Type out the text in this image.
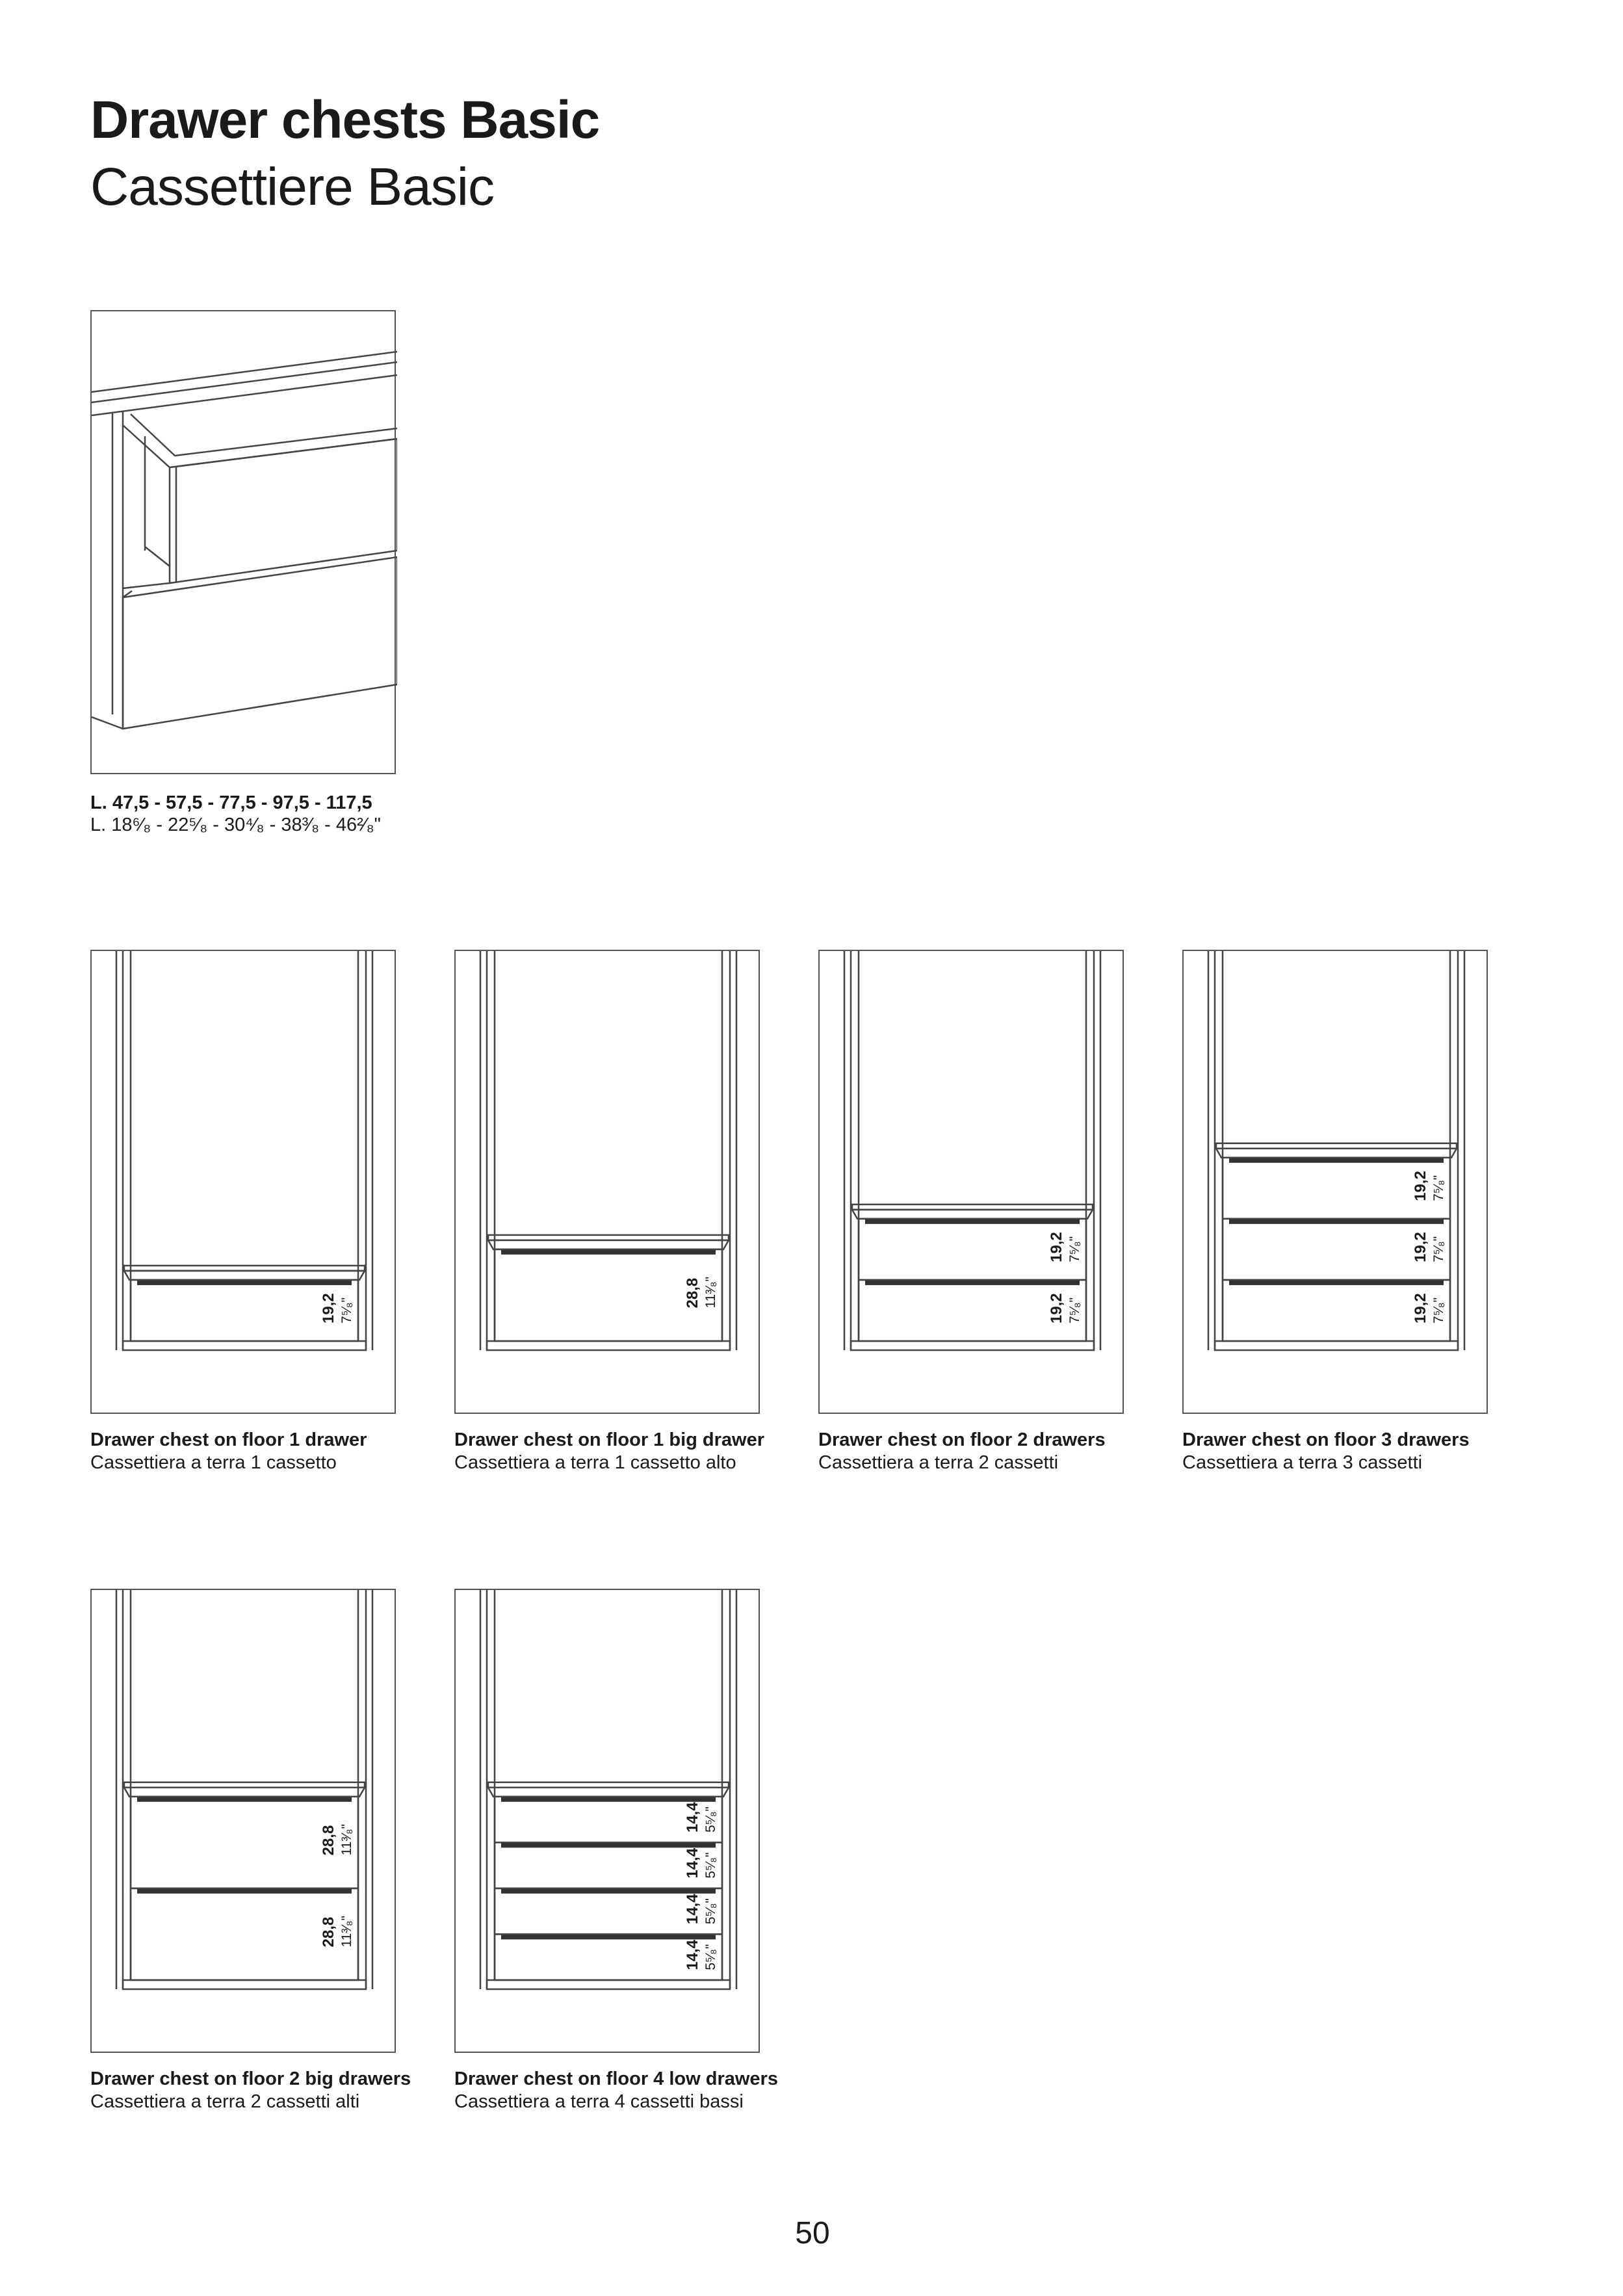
Drawer chests Basic
Cassettiere Basic
L. 47,5 - 57,5 - 77,5 - 97,5 - 117,5
L. 18⁶⁄₈ - 22⁵⁄₈ - 30⁴⁄₈ - 38³⁄₈ - 46²⁄₈"
19,2 7⁵⁄₈"
28,8 11³⁄₈"
19,2 7⁵⁄₈"
19,2 7⁵⁄₈"
19,2 7⁵⁄₈"
19,2 7⁵⁄₈"
19,2 7⁵⁄₈"
28,8 11³⁄₈"
28,8 11³⁄₈"
14,4 5⁵⁄₈"
14,4 5⁵⁄₈"
14,4 5⁵⁄₈"
14,4 5⁵⁄₈"
Drawer chest on floor 1 drawer
Cassettiera a terra 1 cassetto
Drawer chest on floor 1 big drawer
Cassettiera a terra 1 cassetto alto
Drawer chest on floor 2 drawers
Cassettiera a terra 2 cassetti
Drawer chest on floor 3 drawers
Cassettiera a terra 3 cassetti
Drawer chest on floor 2 big drawers
Cassettiera a terra 2 cassetti alti
Drawer chest on floor 4 low drawers
Cassettiera a terra 4 cassetti bassi
50
